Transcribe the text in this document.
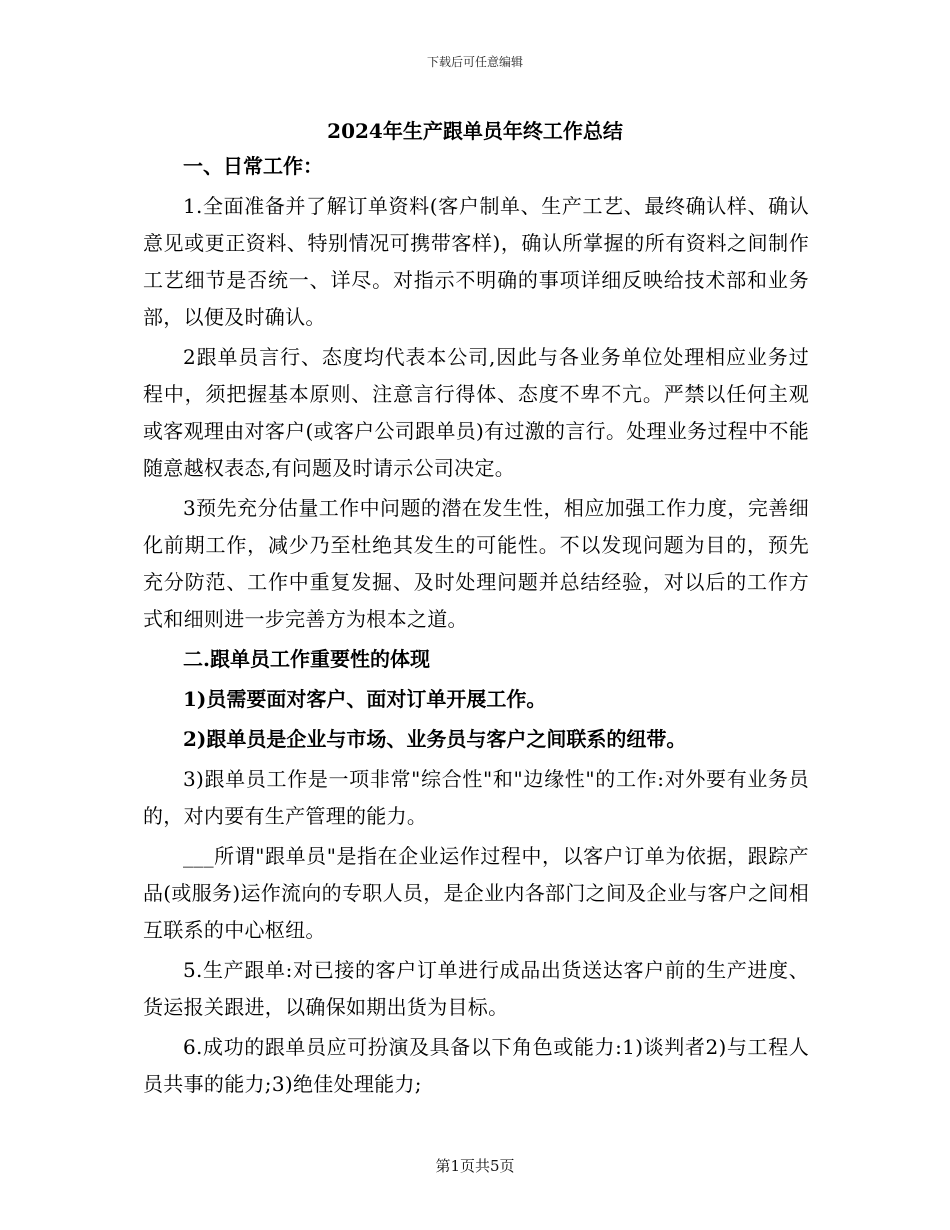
下载后可任意编辑
2024年生产跟单员年终工作总结

一、日常工作：

1.全面准备并了解订单资料(客户制单、生产工艺、最终确认样、确认意见或更正资料、特别情况可携带客样)，确认所掌握的所有资料之间制作工艺细节是否统一、详尽。对指示不明确的事项详细反映给技术部和业务部，以便及时确认。

2跟单员言行、态度均代表本公司,因此与各业务单位处理相应业务过程中，须把握基本原则、注意言行得体、态度不卑不亢。严禁以任何主观或客观理由对客户(或客户公司跟单员)有过激的言行。处理业务过程中不能随意越权表态,有问题及时请示公司决定。

3预先充分估量工作中问题的潜在发生性，相应加强工作力度，完善细化前期工作，减少乃至杜绝其发生的可能性。不以发现问题为目的，预先充分防范、工作中重复发掘、及时处理问题并总结经验，对以后的工作方式和细则进一步完善方为根本之道。

二.跟单员工作重要性的体现

1)员需要面对客户、面对订单开展工作。

2)跟单员是企业与市场、业务员与客户之间联系的纽带。

3)跟单员工作是一项非常"综合性"和"边缘性"的工作:对外要有业务员的，对内要有生产管理的能力。

___所谓"跟单员"是指在企业运作过程中，以客户订单为依据，跟踪产品(或服务)运作流向的专职人员，是企业内各部门之间及企业与客户之间相互联系的中心枢纽。

5.生产跟单:对已接的客户订单进行成品出货送达客户前的生产进度、货运报关跟进，以确保如期出货为目标。

6.成功的跟单员应可扮演及具备以下角色或能力:1)谈判者2)与工程人员共事的能力;3)绝佳处理能力;

第1页共5页
